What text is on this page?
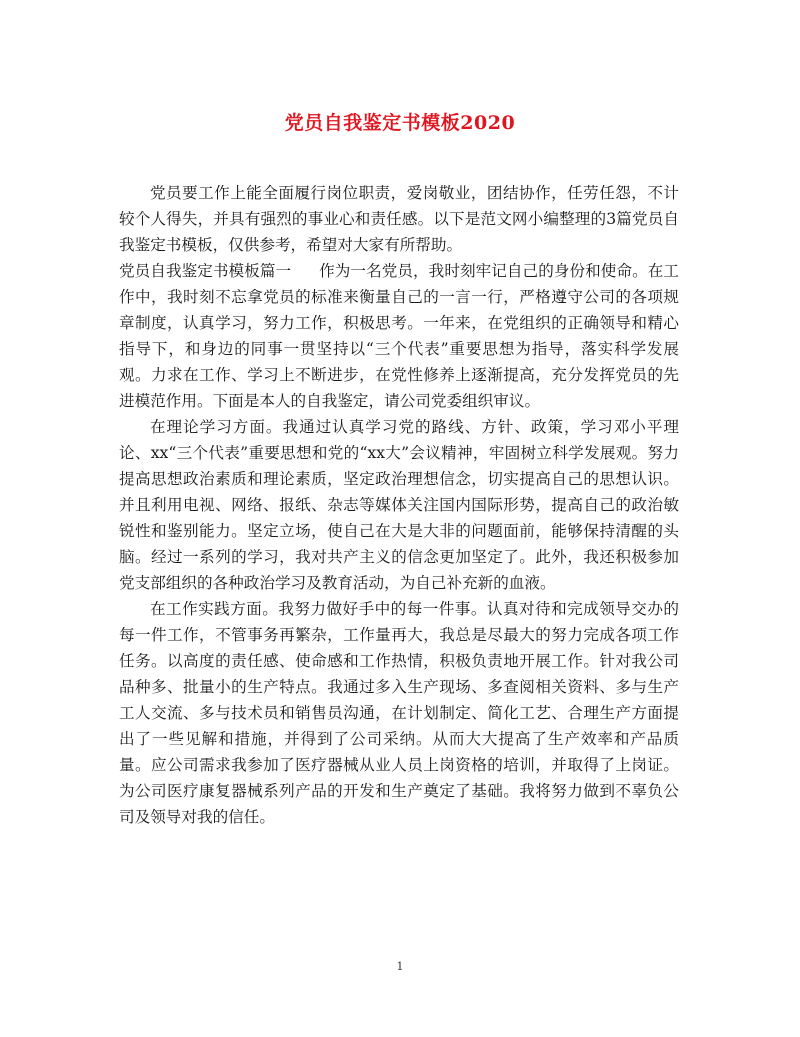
党员自我鉴定书模板2020

党员要工作上能全面履行岗位职责，爱岗敬业，团结协作，任劳任怨，不计较个人得失，并具有强烈的事业心和责任感。以下是范文网小编整理的3篇党员自我鉴定书模板，仅供参考，希望对大家有所帮助。

党员自我鉴定书模板篇一 作为一名党员，我时刻牢记自己的身份和使命。在工作中，我时刻不忘拿党员的标准来衡量自己的一言一行，严格遵守公司的各项规章制度，认真学习，努力工作，积极思考。一年来，在党组织的正确领导和精心指导下，和身边的同事一贯坚持以“三个代表”重要思想为指导，落实科学发展观。力求在工作、学习上不断进步，在党性修养上逐渐提高，充分发挥党员的先进模范作用。下面是本人的自我鉴定，请公司党委组织审议。

在理论学习方面。我通过认真学习党的路线、方针、政策，学习邓小平理论、xx“三个代表”重要思想和党的“xx大”会议精神，牢固树立科学发展观。努力提高思想政治素质和理论素质，坚定政治理想信念，切实提高自己的思想认识。并且利用电视、网络、报纸、杂志等媒体关注国内国际形势，提高自己的政治敏锐性和鉴别能力。坚定立场，使自己在大是大非的问题面前，能够保持清醒的头脑。经过一系列的学习，我对共产主义的信念更加坚定了。此外，我还积极参加党支部组织的各种政治学习及教育活动，为自己补充新的血液。

在工作实践方面。我努力做好手中的每一件事。认真对待和完成领导交办的每一件工作，不管事务再繁杂，工作量再大，我总是尽最大的努力完成各项工作任务。以高度的责任感、使命感和工作热情，积极负责地开展工作。针对我公司品种多、批量小的生产特点。我通过多入生产现场、多查阅相关资料、多与生产工人交流、多与技术员和销售员沟通，在计划制定、简化工艺、合理生产方面提出了一些见解和措施，并得到了公司采纳。从而大大提高了生产效率和产品质量。应公司需求我参加了医疗器械从业人员上岗资格的培训，并取得了上岗证。为公司医疗康复器械系列产品的开发和生产奠定了基础。我将努力做到不辜负公司及领导对我的信任。

1
